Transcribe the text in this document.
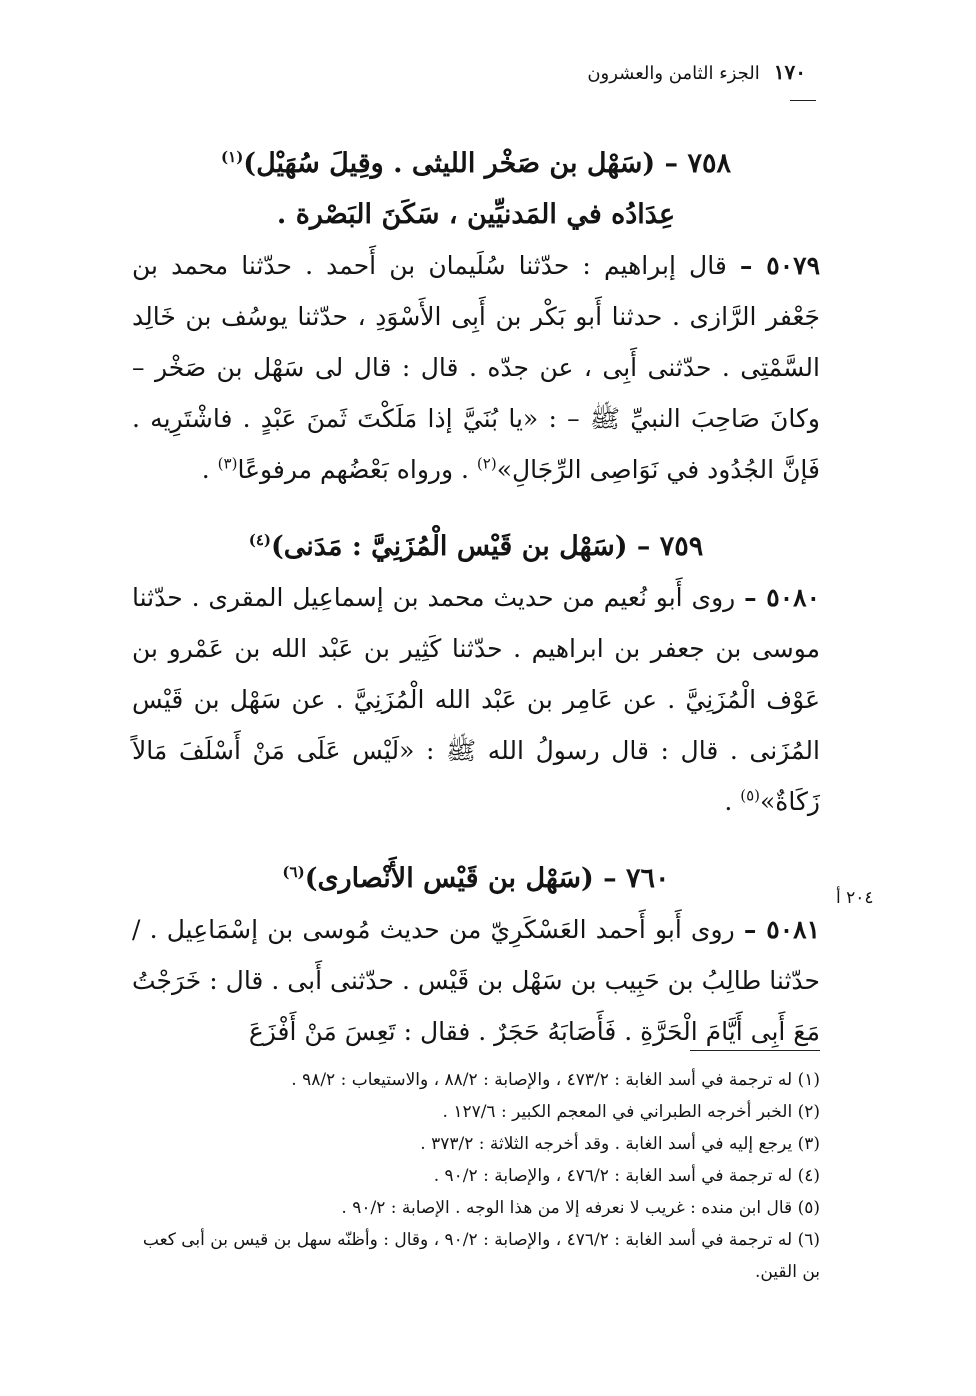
١٧٠
الجزء الثامن والعشرون
٧٥٨ – (سَهْل بن صَخْر الليثى . وقِيلَ سُهَيْل)$^{(١)}$
عِدَادُه في المَدنيِّين ، سَكَنَ البَصْرة .

٥٠٧٩ – قال إبراهيم : حدّثنا سُلَيمان بن أَحمد . حدّثنا محمد بن جَعْفر الرَّازى . حدثنا أَبو بَكْر بن أَبِى الأَسْوَدِ ، حدّثنا يوسُف بن خَالِد السَّمْتِى . حدّثنى أَبِى ، عن جدّه . قال : قال لى سَهْل بن صَخْر – وكانَ صَاحِبَ النبيِّ ﷺ – : «يا بُنَيَّ إذا مَلَكْتَ ثَمنَ عَبْدٍ . فاشْتَرِيه . فَإنَّ الجُدُود في نَوَاصِى الرِّجَالِ»$^{(٢)}$ . ورواه بَعْضُهم مرفوعًا$^{(٣)}$ .

٧٥٩ – (سَهْل بن قَيْس الْمُزَنِيَّ : مَدَنى)$^{(٤)}$

٥٠٨٠ – روى أَبو نُعيم من حديث محمد بن إسماعِيل المقرى . حدّثنا موسى بن جعفر بن ابراهيم . حدّثنا كَثِير بن عَبْد الله بن عَمْرو بن عَوْف الْمُزَنِيَّ . عن عَامِر بن عَبْد الله الْمُزَنِيَّ . عن سَهْل بن قَيْس المُزَنى . قال : قال رسولُ الله ﷺ : «لَيْس عَلَى مَنْ أَسْلَفَ مَالاً زَكَاةٌ»$^{(٥)}$ .

٧٦٠ – (سَهْل بن قَيْس الأَنْصارى)$^{(٦)}$

٥٠٨١ – روى أَبو أَحمد العَسْكَرِيّ من حديث مُوسى بن إسْمَاعِيل . / حدّثنا طالِبُ بن حَبِيب بن سَهْل بن قَيْس . حدّثنى أَبى . قال : خَرَجْتُ مَعَ أَبِى أَيَّامَ الْحَرَّةِ . فَأَصَابَهُ حَجَرٌ . فقال : تَعِسَ مَنْ أَفْزَعَ

٢٠٤ أ

(١) له ترجمة في أسد الغابة : ٤٧٣/٢ ، والإصابة : ٨٨/٢ ، والاستيعاب : ٩٨/٢ .

(٢) الخبر أخرجه الطبراني في المعجم الكبير : ١٢٧/٦ .

(٣) يرجع إليه في أسد الغابة . وقد أخرجه الثلاثة : ٣٧٣/٢ .

(٤) له ترجمة في أسد الغابة : ٤٧٦/٢ ، والإصابة : ٩٠/٢ .

(٥) قال ابن منده : غريب لا نعرفه إلا من هذا الوجه . الإصابة : ٩٠/٢ .

(٦) له ترجمة في أسد الغابة : ٤٧٦/٢ ، والإصابة : ٩٠/٢ ، وقال : وأظنّه سهل بن قيس بن أبى كعب بن القين.
